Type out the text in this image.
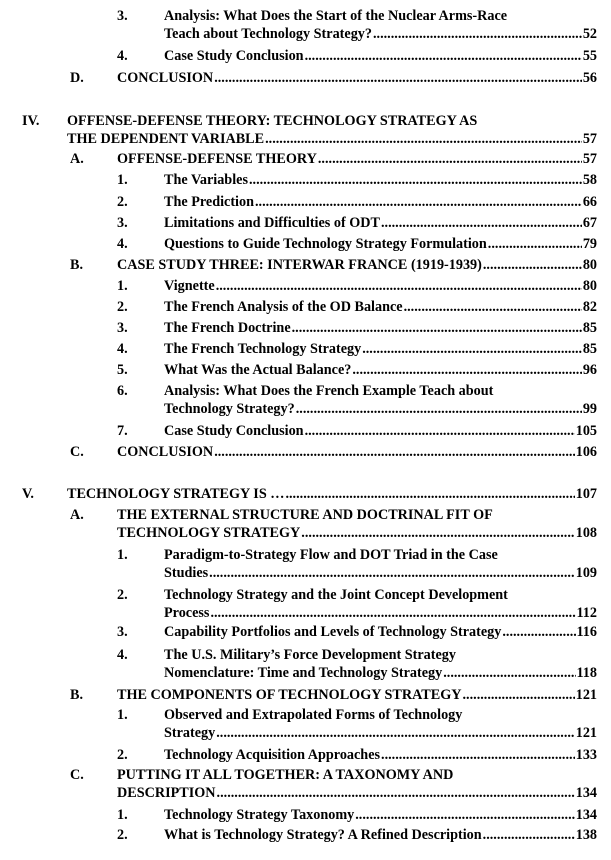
3.	Analysis: What Does the Start of the Nuclear Arms-Race
Teach about Technology Strategy? .....	52
4.	Case Study Conclusion .....	55
D. CONCLUSION .....	56
IV. OFFENSE-DEFENSE THEORY: TECHNOLOGY STRATEGY AS
THE DEPENDENT VARIABLE .....	57
A. OFFENSE-DEFENSE THEORY .....	57
1.	The Variables .....	58
2.	The Prediction .....	66
3.	Limitations and Difficulties of ODT .....	67
4.	Questions to Guide Technology Strategy Formulation .....	79
B. CASE STUDY THREE: INTERWAR FRANCE (1919-1939) .....	80
1.	Vignette .....	80
2.	The French Analysis of the OD Balance .....	82
3.	The French Doctrine .....	85
4.	The French Technology Strategy .....	85
5.	What Was the Actual Balance? .....	96
6.	Analysis: What Does the French Example Teach about
Technology Strategy? .....	99
7.	Case Study Conclusion .....	105
C. CONCLUSION .....	106
V. TECHNOLOGY STRATEGY IS … .....	107
A. THE EXTERNAL STRUCTURE AND DOCTRINAL FIT OF
TECHNOLOGY STRATEGY .....	108
1.	Paradigm-to-Strategy Flow and DOT Triad in the Case
Studies .....	109
2.	Technology Strategy and the Joint Concept Development
Process .....	112
3.	Capability Portfolios and Levels of Technology Strategy .....	116
4.	The U.S. Military’s Force Development Strategy
Nomenclature: Time and Technology Strategy .....	118
B. THE COMPONENTS OF TECHNOLOGY STRATEGY .....	121
1.	Observed and Extrapolated Forms of Technology
Strategy .....	121
2.	Technology Acquisition Approaches .....	133
C. PUTTING IT ALL TOGETHER: A TAXONOMY AND
DESCRIPTION .....	134
1.	Technology Strategy Taxonomy .....	134
2.	What is Technology Strategy? A Refined Description .....	138
